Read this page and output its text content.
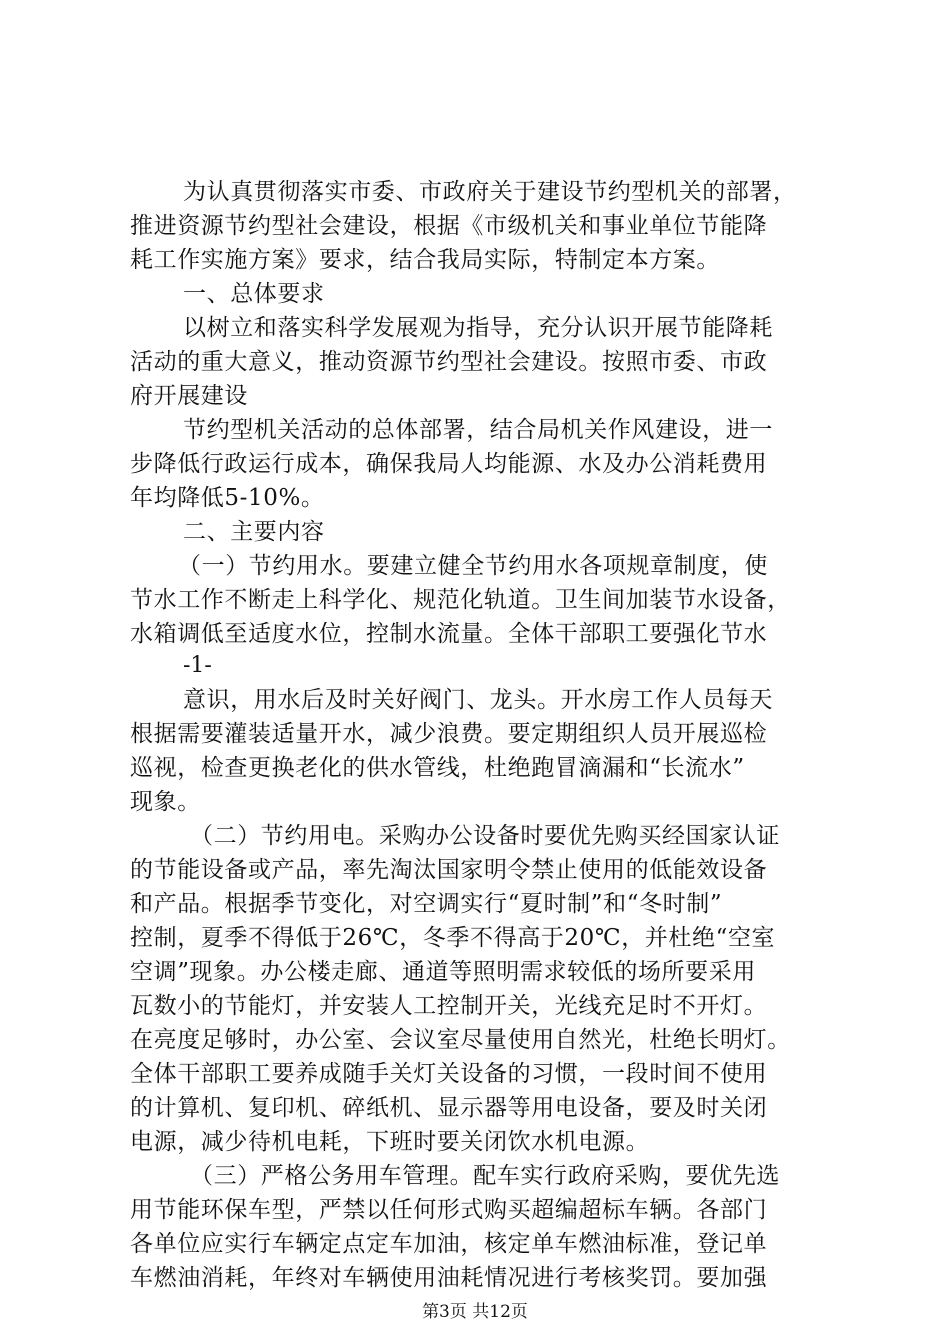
为认真贯彻落实市委、市政府关于建设节约型机关的部署，
推进资源节约型社会建设，根据《市级机关和事业单位节能降
耗工作实施方案》要求，结合我局实际，特制定本方案。
一、总体要求
以树立和落实科学发展观为指导，充分认识开展节能降耗
活动的重大意义，推动资源节约型社会建设。按照市委、市政
府开展建设
节约型机关活动的总体部署，结合局机关作风建设，进一
步降低行政运行成本，确保我局人均能源、水及办公消耗费用
年均降低5-10%。
二、主要内容
（一）节约用水。要建立健全节约用水各项规章制度，使
节水工作不断走上科学化、规范化轨道。卫生间加装节水设备，
水箱调低至适度水位，控制水流量。全体干部职工要强化节水
-1-
意识，用水后及时关好阀门、龙头。开水房工作人员每天
根据需要灌装适量开水，减少浪费。要定期组织人员开展巡检
巡视，检查更换老化的供水管线，杜绝跑冒滴漏和“长流水”
现象。
（二）节约用电。采购办公设备时要优先购买经国家认证
的节能设备或产品，率先淘汰国家明令禁止使用的低能效设备
和产品。根据季节变化，对空调实行“夏时制”和“冬时制”
控制，夏季不得低于26℃，冬季不得高于20℃，并杜绝“空室
空调”现象。办公楼走廊、通道等照明需求较低的场所要采用
瓦数小的节能灯，并安装人工控制开关，光线充足时不开灯。
在亮度足够时，办公室、会议室尽量使用自然光，杜绝长明灯。
全体干部职工要养成随手关灯关设备的习惯，一段时间不使用
的计算机、复印机、碎纸机、显示器等用电设备，要及时关闭
电源，减少待机电耗，下班时要关闭饮水机电源。
（三）严格公务用车管理。配车实行政府采购，要优先选
用节能环保车型，严禁以任何形式购买超编超标车辆。各部门
各单位应实行车辆定点定车加油，核定单车燃油标准，登记单
车燃油消耗，年终对车辆使用油耗情况进行考核奖罚。要加强
第3页 共12页
